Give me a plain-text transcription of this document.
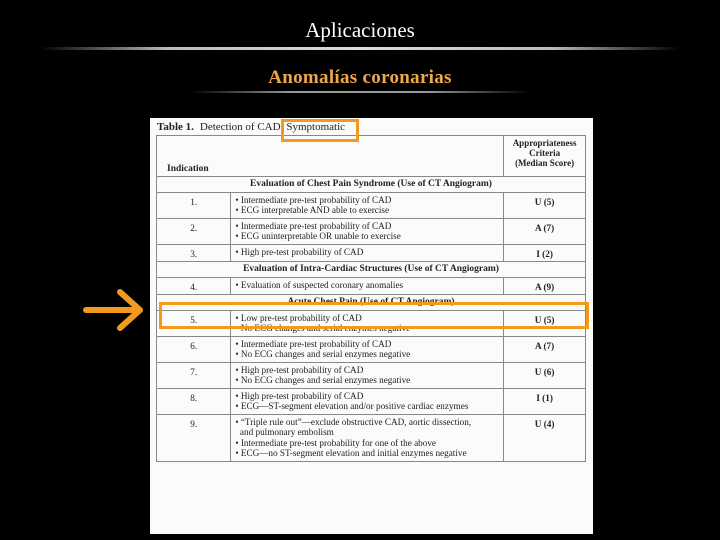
Aplicaciones
Anomalías coronarias
Table 1. Detection of CAD: Symptomatic
Indication		Appropriateness
Criteria
(Median Score)

Evaluation of Chest Pain Syndrome (Use of CT Angiogram)		
1.	• Intermediate pre-test probability of CAD
• ECG interpretable AND able to exercise	U (5)
2.	• Intermediate pre-test probability of CAD
• ECG uninterpretable OR unable to exercise	A (7)
3.	• High pre-test probability of CAD	I (2)
Evaluation of Intra-Cardiac Structures (Use of CT Angiogram)		
4.	• Evaluation of suspected coronary anomalies	A (9)
Acute Chest Pain (Use of CT Angiogram)		
5.	• Low pre-test probability of CAD
• No ECG changes and serial enzymes negative	U (5)
6.	• Intermediate pre-test probability of CAD
• No ECG changes and serial enzymes negative	A (7)
7.	• High pre-test probability of CAD
• No ECG changes and serial enzymes negative	U (6)
8.	• High pre-test probability of CAD
• ECG—ST-segment elevation and/or positive cardiac enzymes	I (1)
9.	• “Triple rule out”—exclude obstructive CAD, aortic dissection,
and pulmonary embolism
• Intermediate pre-test probability for one of the above
• ECG—no ST-segment elevation and initial enzymes negative	U (4)
